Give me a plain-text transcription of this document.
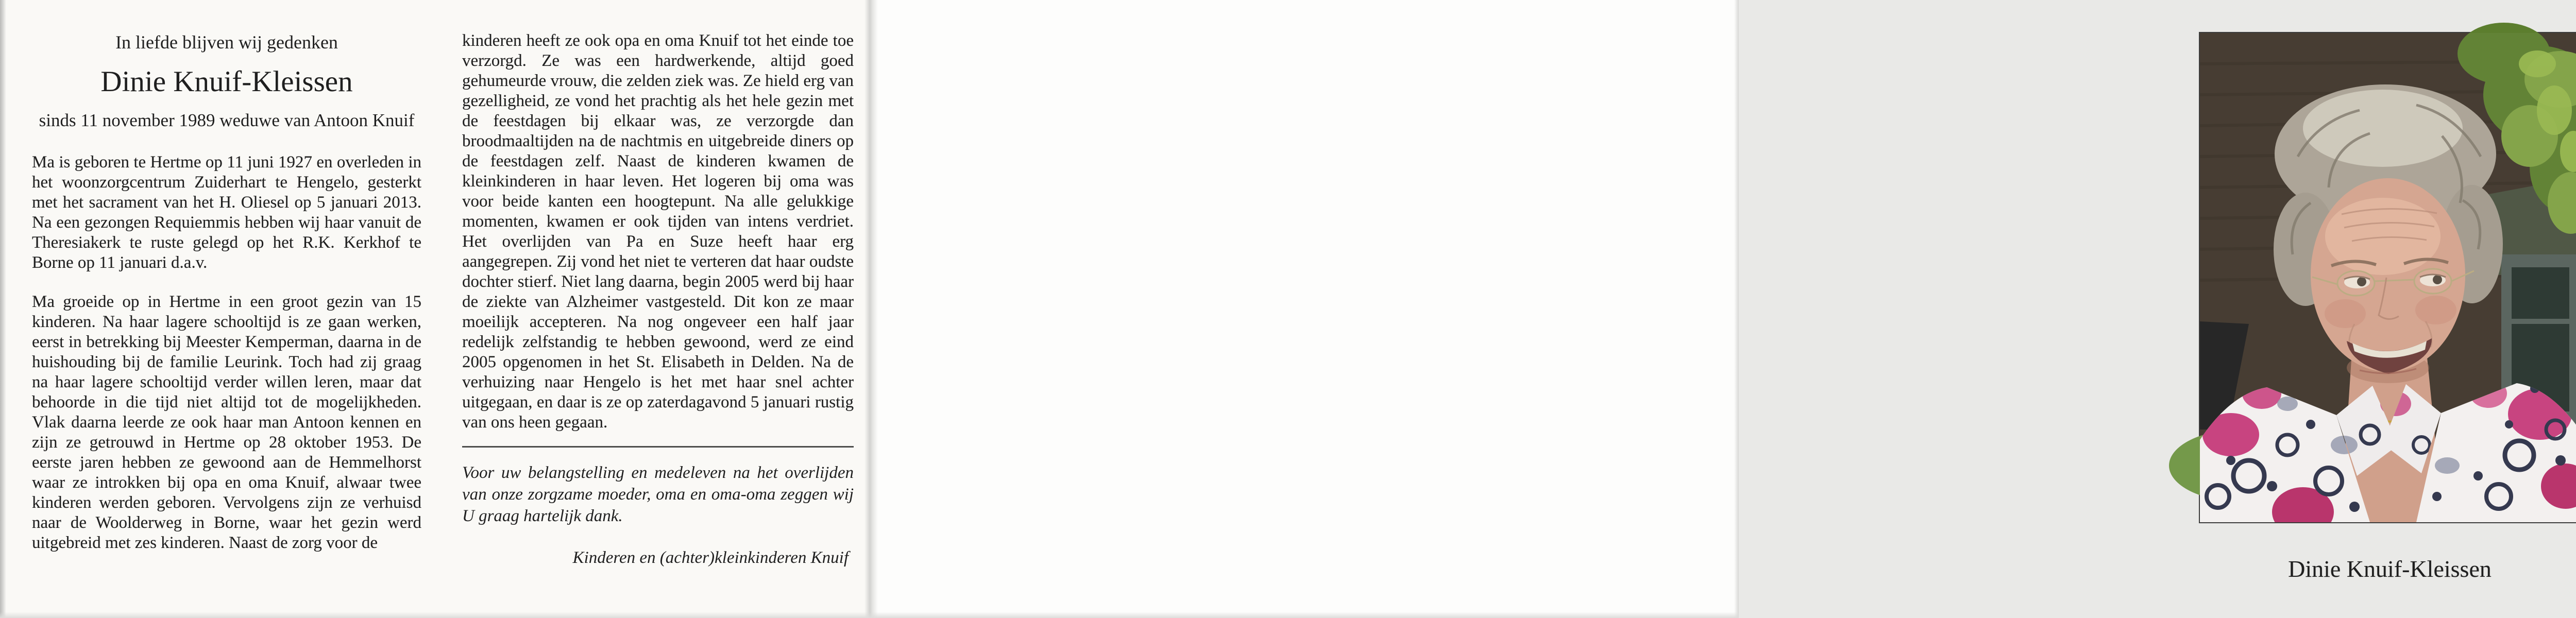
In liefde blijven wij gedenken

Dinie Knuif-Kleissen

sinds 11 november 1989 weduwe van Antoon Knuif

Ma is geboren te Hertme op 11 juni 1927 en overleden in het woonzorgcentrum Zuiderhart te Hengelo, gesterkt met het sacrament van het H. Oliesel op 5 januari 2013. Na een gezongen Requiemmis hebben wij haar vanuit de Theresiakerk te ruste gelegd op het R.K. Kerkhof te Borne op 11 januari d.a.v.

Ma groeide op in Hertme in een groot gezin van 15 kinderen. Na haar lagere schooltijd is ze gaan werken, eerst in betrekking bij Meester Kemperman, daarna in de huishouding bij de familie Leurink. Toch had zij graag na haar lagere schooltijd verder willen leren, maar dat behoorde in die tijd niet altijd tot de mogelijkheden. Vlak daarna leerde ze ook haar man Antoon kennen en zijn ze getrouwd in Hertme op 28 oktober 1953. De eerste jaren hebben ze gewoond aan de Hemmelhorst waar ze introkken bij opa en oma Knuif, alwaar twee kinderen werden geboren. Vervolgens zijn ze verhuisd naar de Woolderweg in Borne, waar het gezin werd uitgebreid met zes kinderen. Naast de zorg voor de

kinderen heeft ze ook opa en oma Knuif tot het einde toe verzorgd. Ze was een hardwerkende, altijd goed gehumeurde vrouw, die zelden ziek was. Ze hield erg van gezelligheid, ze vond het prachtig als het hele gezin met de feestdagen bij elkaar was, ze verzorgde dan broodmaaltijden na de nachtmis en uitgebreide diners op de feestdagen zelf. Naast de kinderen kwamen de kleinkinderen in haar leven. Het logeren bij oma was voor beide kanten een hoogtepunt. Na alle gelukkige momenten, kwamen er ook tijden van intens verdriet. Het overlijden van Pa en Suze heeft haar erg aangegrepen. Zij vond het niet te verteren dat haar oudste dochter stierf. Niet lang daarna, begin 2005 werd bij haar de ziekte van Alzheimer vastgesteld. Dit kon ze maar moeilijk accepteren. Na nog ongeveer een half jaar redelijk zelfstandig te hebben gewoond, werd ze eind 2005 opgenomen in het St. Elisabeth in Delden. Na de verhuizing naar Hengelo is het met haar snel achter uitgegaan, en daar is ze op zaterdagavond 5 januari rustig van ons heen gegaan.

Voor uw belangstelling en medeleven na het overlijden van onze zorgzame moeder, oma en oma-oma zeggen wij U graag hartelijk dank.

Kinderen en (achter)kleinkinderen Knuif	Dinie Knuif-Kleissen
